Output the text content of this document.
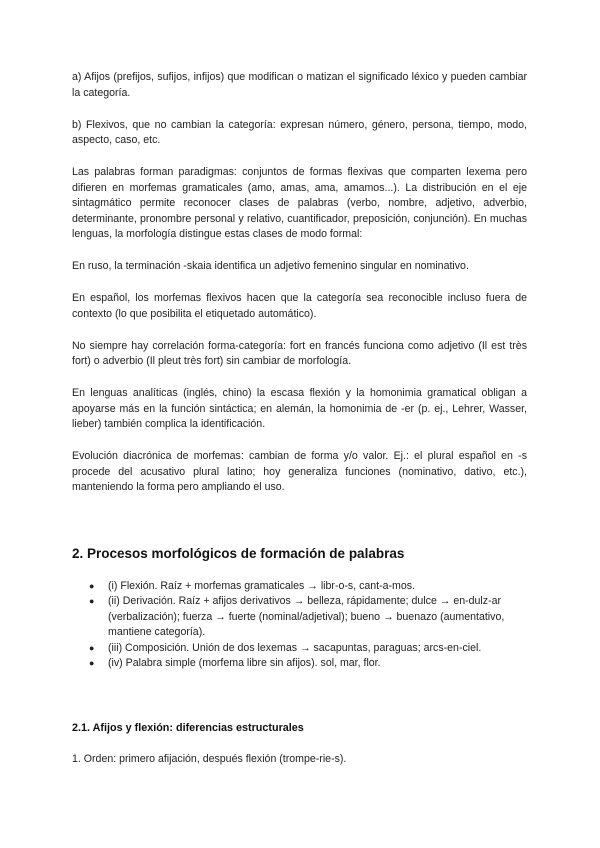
a) Afijos (prefijos, sufijos, infijos) que modifican o matizan el significado léxico y pueden cambiar la categoría.

b) Flexivos, que no cambian la categoría: expresan número, género, persona, tiempo, modo, aspecto, caso, etc.

Las palabras forman paradigmas: conjuntos de formas flexivas que comparten lexema pero difieren en morfemas gramaticales (amo, amas, ama, amamos...). La distribución en el eje sintagmático permite reconocer clases de palabras (verbo, nombre, adjetivo, adverbio, determinante, pronombre personal y relativo, cuantificador, preposición, conjunción). En muchas lenguas, la morfología distingue estas clases de modo formal:

En ruso, la terminación -skaia identifica un adjetivo femenino singular en nominativo.

En español, los morfemas flexivos hacen que la categoría sea reconocible incluso fuera de contexto (lo que posibilita el etiquetado automático).

No siempre hay correlación forma-categoría: fort en francés funciona como adjetivo (Il est très fort) o adverbio (Il pleut très fort) sin cambiar de morfología.

En lenguas analíticas (inglés, chino) la escasa flexión y la homonimia gramatical obligan a apoyarse más en la función sintáctica; en alemán, la homonimia de -er (p. ej., Lehrer, Wasser, lieber) también complica la identificación.

Evolución diacrónica de morfemas: cambian de forma y/o valor. Ej.: el plural español en -s procede del acusativo plural latino; hoy generaliza funciones (nominativo, dativo, etc.), manteniendo la forma pero ampliando el uso.

2. Procesos morfológicos de formación de palabras
● (i) Flexión. Raíz + morfemas gramaticales → libr-o-s, cant-a-mos.
● (ii) Derivación. Raíz + afijos derivativos → belleza, rápidamente; dulce → en-dulz-ar (verbalización); fuerza → fuerte (nominal/adjetival); bueno → buenazo (aumentativo, mantiene categoría).
● (iii) Composición. Unión de dos lexemas → sacapuntas, paraguas; arcs-en-ciel.
● (iv) Palabra simple (morfema libre sin afijos). sol, mar, flor.
2.1. Afijos y flexión: diferencias estructurales

1. Orden: primero afijación, después flexión (trompe-rie-s).
